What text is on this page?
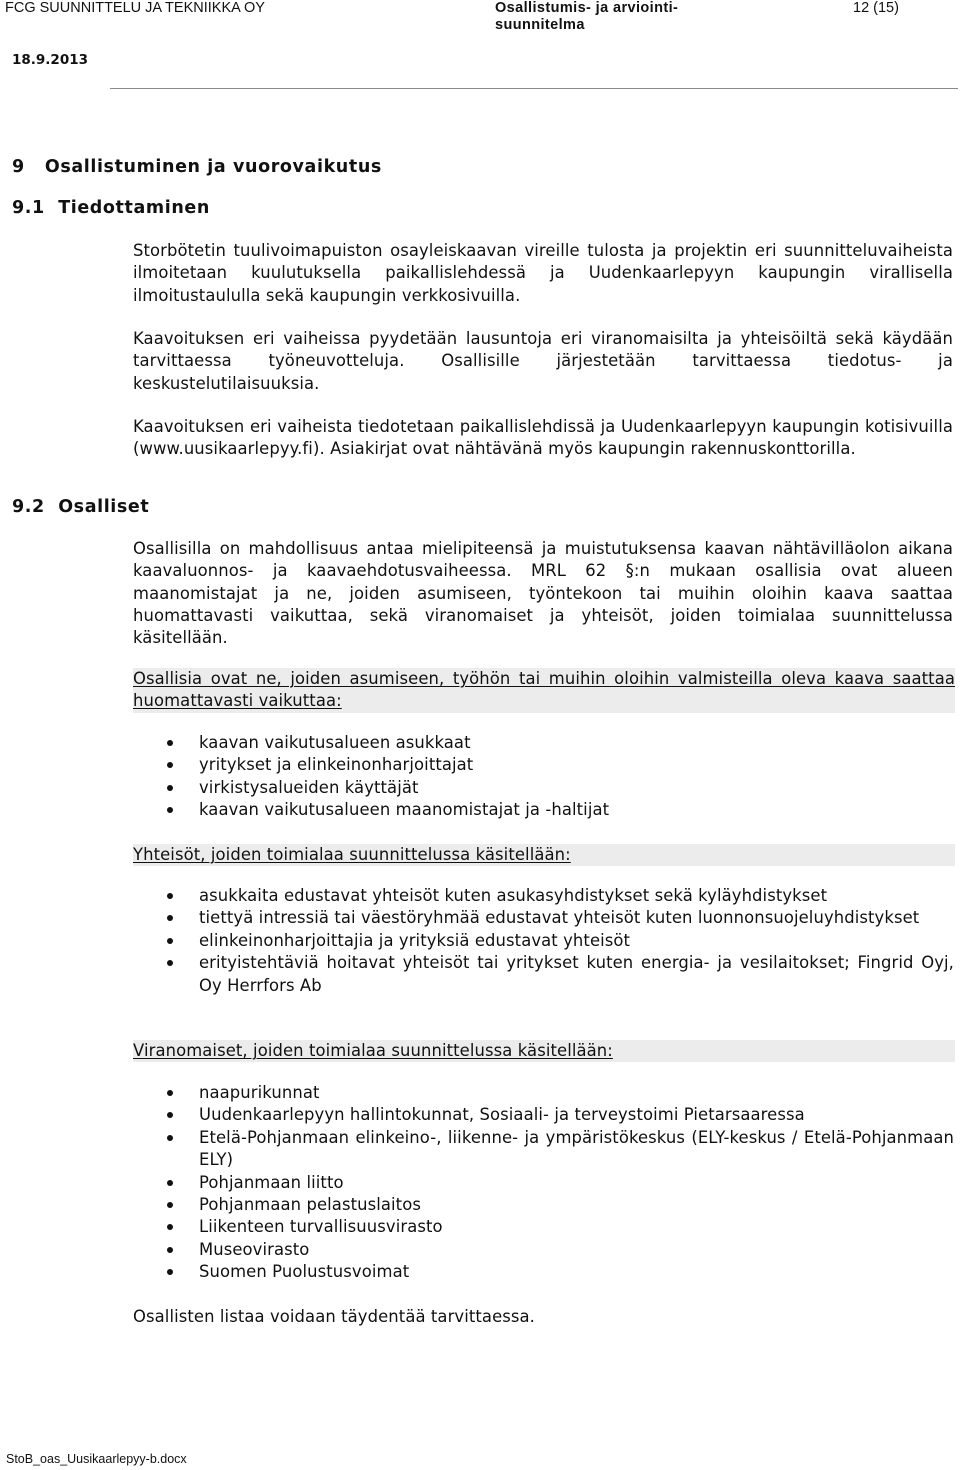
FCG SUUNNITTELU JA TEKNIIKKA OY	Osallistumis- ja arviointi-
suunnitelma
12 (15)
18.9.2013
9 Osallistuminen ja vuorovaikutus
9.1 Tiedottaminen

Storbötetin tuulivoimapuiston osayleiskaavan vireille tulosta ja projektin eri suunnitteluvaiheista ilmoitetaan kuulutuksella paikallislehdessä ja Uudenkaarlepyyn kaupungin virallisella ilmoitustaululla sekä kaupungin verkkosivuilla.

Kaavoituksen eri vaiheissa pyydetään lausuntoja eri viranomaisilta ja yhteisöiltä sekä käydään tarvittaessa työneuvotteluja. Osallisille järjestetään tarvittaessa tiedotus- ja keskustelutilaisuuksia.

Kaavoituksen eri vaiheista tiedotetaan paikallislehdissä ja Uudenkaarlepyyn kaupungin kotisivuilla (www.uusikaarlepyy.fi). Asiakirjat ovat nähtävänä myös kaupungin rakennuskonttorilla.

9.2 Osalliset

Osallisilla on mahdollisuus antaa mielipiteensä ja muistutuksensa kaavan nähtävilläolon aikana kaavaluonnos- ja kaavaehdotusvaiheessa. MRL 62 §:n mukaan osallisia ovat alueen maanomistajat ja ne, joiden asumiseen, työntekoon tai muihin oloihin kaava saattaa huomattavasti vaikuttaa, sekä viranomaiset ja yhteisöt, joiden toimialaa suunnittelussa käsitellään.

Osallisia ovat ne, joiden asumiseen, työhön tai muihin oloihin valmisteilla oleva kaava saattaa huomattavasti vaikuttaa:

kaavan vaikutusalueen asukkaat
yritykset ja elinkeinonharjoittajat
virkistysalueiden käyttäjät
kaavan vaikutusalueen maanomistajat ja -haltijat

Yhteisöt, joiden toimialaa suunnittelussa käsitellään:

asukkaita edustavat yhteisöt kuten asukasyhdistykset sekä kyläyhdistykset
tiettyä intressiä tai väestöryhmää edustavat yhteisöt kuten luonnonsuojeluyhdistykset
elinkeinonharjoittajia ja yrityksiä edustavat yhteisöt
erityistehtäviä hoitavat yhteisöt tai yritykset kuten energia- ja vesilaitokset; Fingrid Oyj, Oy Herrfors Ab

Viranomaiset, joiden toimialaa suunnittelussa käsitellään:

naapurikunnat
Uudenkaarlepyyn hallintokunnat, Sosiaali- ja terveystoimi Pietarsaaressa
Etelä-Pohjanmaan elinkeino-, liikenne- ja ympäristökeskus (ELY-keskus / Etelä-Pohjanmaan ELY)
Pohjanmaan liitto
Pohjanmaan pelastuslaitos
Liikenteen turvallisuusvirasto
Museovirasto
Suomen Puolustusvoimat

Osallisten listaa voidaan täydentää tarvittaessa.

StoB_oas_Uusikaarlepyy-b.docx
